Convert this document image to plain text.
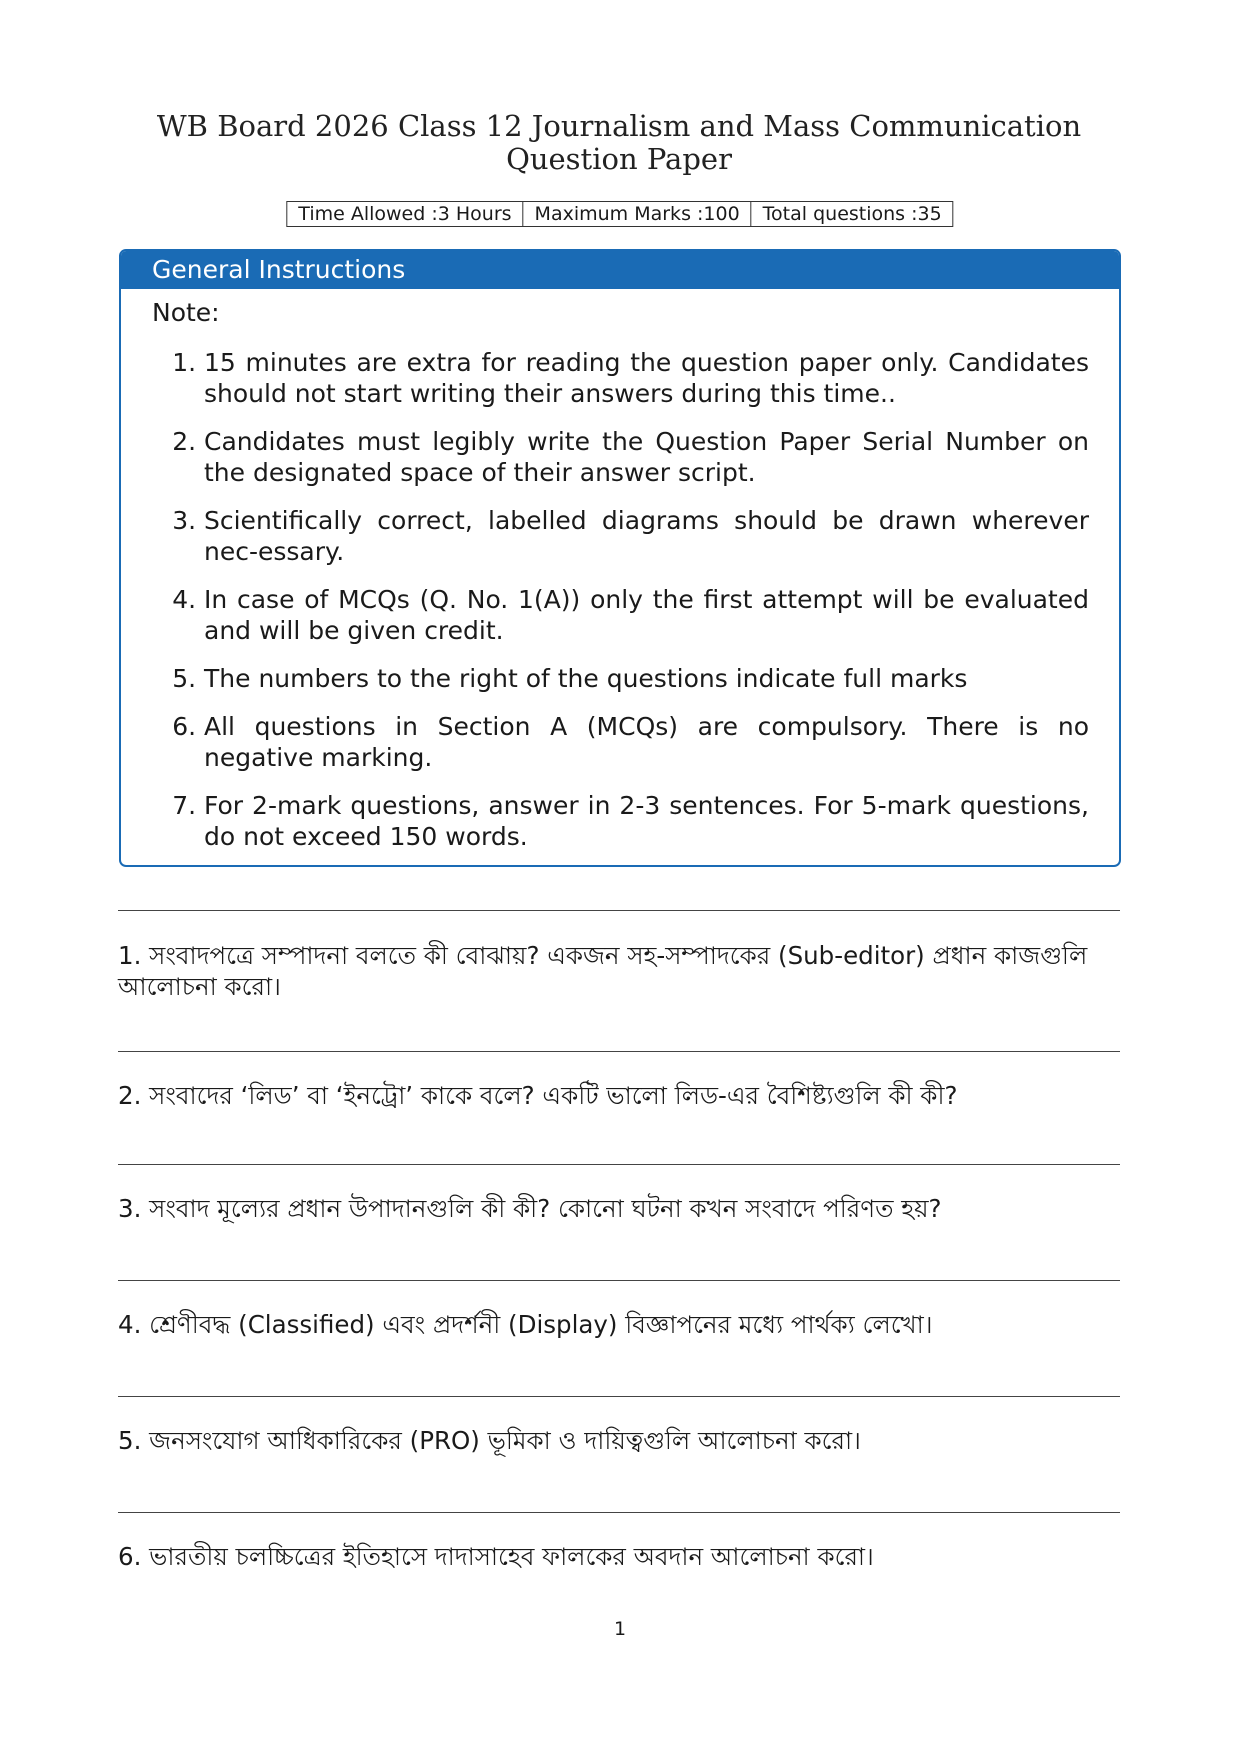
WB Board 2026 Class 12 Journalism and Mass Communication Question Paper
Time Allowed :3 Hours	Maximum Marks :100	Total questions :35
General Instructions
Note:
1. 15 minutes are extra for reading the question paper only. Candidates should not start writing their answers during this time..
2. Candidates must legibly write the Question Paper Serial Number on the designated space of their answer script.
3. Scientifically correct, labelled diagrams should be drawn wherever nec-essary.
4. In case of MCQs (Q. No. 1(A)) only the first attempt will be evaluated and will be given credit.
5. The numbers to the right of the questions indicate full marks
6. All questions in Section A (MCQs) are compulsory. There is no negative marking.
7. For 2-mark questions, answer in 2-3 sentences. For 5-mark questions, do not exceed 150 words.
1. সংবাদপত্রে সম্পাদনা বলতে কী বোঝায়? একজন সহ-সম্পাদকের (Sub-editor) প্রধান কাজগুলি আলোচনা করো।
2. সংবাদের ‘লিড’ বা ‘ইনট্রো’ কাকে বলে? একটি ভালো লিড-এর বৈশিষ্ট্যগুলি কী কী?
3. সংবাদ মূল্যের প্রধান উপাদানগুলি কী কী? কোনো ঘটনা কখন সংবাদে পরিণত হয়?
4. শ্রেণীবদ্ধ (Classified) এবং প্রদর্শনী (Display) বিজ্ঞাপনের মধ্যে পার্থক্য লেখো।
5. জনসংযোগ আধিকারিকের (PRO) ভূমিকা ও দায়িত্বগুলি আলোচনা করো।
6. ভারতীয় চলচ্চিত্রের ইতিহাসে দাদাসাহেব ফালকের অবদান আলোচনা করো।
1
